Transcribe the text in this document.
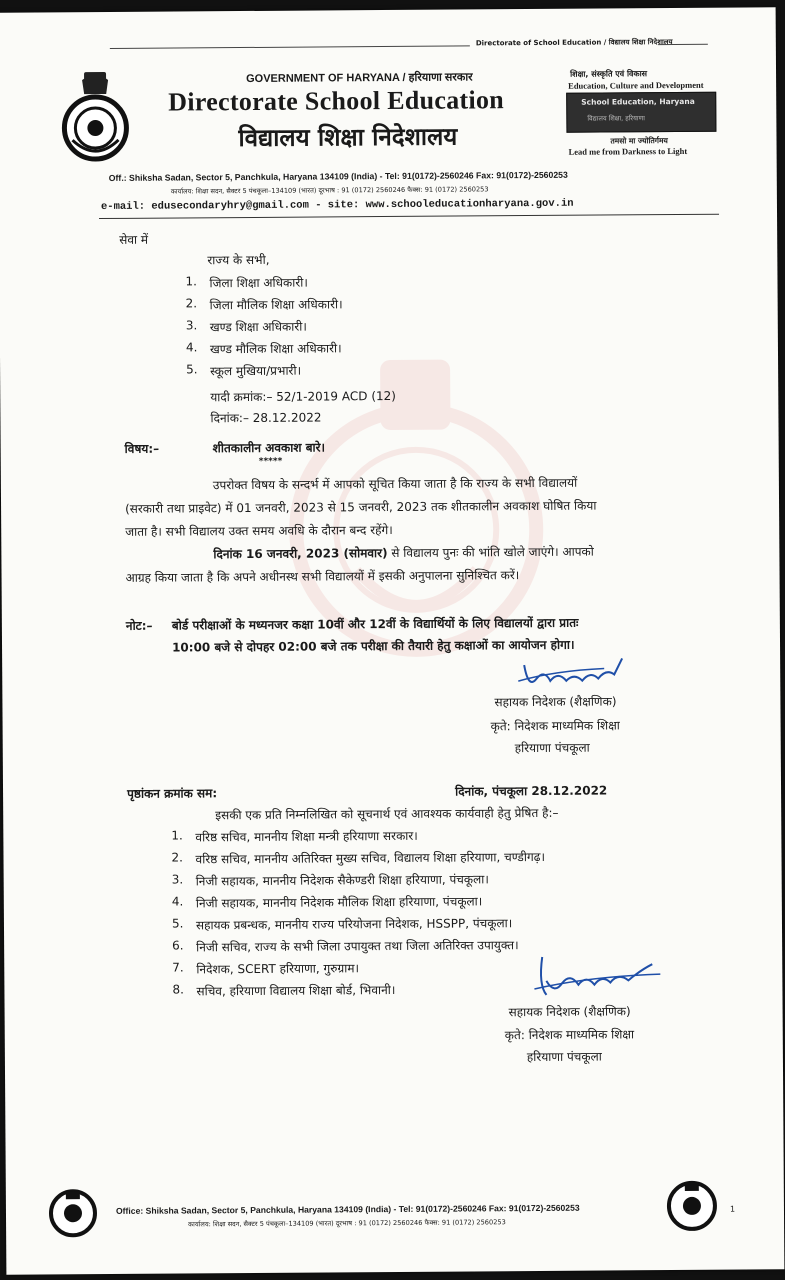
Directorate of School Education / विद्यालय शिक्षा निदेशालय
GOVERNMENT OF HARYANA / हरियाणा सरकार
Directorate School Education
विद्यालय शिक्षा निदेशालय
शिक्षा, संस्कृति एवं विकास
Education, Culture and Development
School Education, Haryana
विद्यालय शिक्षा, हरियाणा
तमसो मा ज्योतिर्गमय
Lead me from Darkness to Light
Off.: Shiksha Sadan, Sector 5, Panchkula, Haryana 134109 (India) - Tel: 91(0172)-2560246 Fax: 91(0172)-2560253
कार्यालय: शिक्षा सदन, सैक्टर 5 पंचकूला–134109 (भारत) दूरभाष : 91 (0172) 2560246 फैक्स: 91 (0172) 2560253
e-mail: edusecondaryhry@gmail.com - site: www.schooleducationharyana.gov.in
सेवा में
राज्य के सभी,
1. जिला शिक्षा अधिकारी।
2. जिला मौलिक शिक्षा अधिकारी।
3. खण्ड शिक्षा अधिकारी।
4. खण्ड मौलिक शिक्षा अधिकारी।
5. स्कूल मुखिया/प्रभारी।
यादी क्रमांक:– 52/1-2019 ACD (12)
दिनांक:– 28.12.2022
विषय:–	शीतकालीन अवकाश बारे।
*****
उपरोक्त विषय के सन्दर्भ में आपको सूचित किया जाता है कि राज्य के सभी विद्यालयों
(सरकारी तथा प्राइवेट) में 01 जनवरी, 2023 से 15 जनवरी, 2023 तक शीतकालीन अवकाश घोषित किया
जाता है। सभी विद्यालय उक्त समय अवधि के दौरान बन्द रहेंगे।
दिनांक 16 जनवरी, 2023 (सोमवार) से विद्यालय पुनः की भांति खोले जाएंगे। आपको
आग्रह किया जाता है कि अपने अधीनस्थ सभी विद्यालयों में इसकी अनुपालना सुनिश्चित करें।
नोट:– बोर्ड परीक्षाओं के मध्यनजर कक्षा 10वीं और 12वीं के विद्यार्थियों के लिए विद्यालयों द्वारा प्रातः
10:00 बजे से दोपहर 02:00 बजे तक परीक्षा की तैयारी हेतु कक्षाओं का आयोजन होगा।
सहायक निदेशक (शैक्षणिक)
कृते: निदेशक माध्यमिक शिक्षा
हरियाणा पंचकूला
पृष्ठांकन क्रमांक सम:	दिनांक, पंचकूला 28.12.2022
इसकी एक प्रति निम्नलिखित को सूचनार्थ एवं आवश्यक कार्यवाही हेतु प्रेषित है:–
1. वरिष्ठ सचिव, माननीय शिक्षा मन्त्री हरियाणा सरकार।
2. वरिष्ठ सचिव, माननीय अतिरिक्त मुख्य सचिव, विद्यालय शिक्षा हरियाणा, चण्डीगढ़।
3. निजी सहायक, माननीय निदेशक सैकेण्डरी शिक्षा हरियाणा, पंचकूला।
4. निजी सहायक, माननीय निदेशक मौलिक शिक्षा हरियाणा, पंचकूला।
5. सहायक प्रबन्धक, माननीय राज्य परियोजना निदेशक, HSSPP, पंचकूला।
6. निजी सचिव, राज्य के सभी जिला उपायुक्त तथा जिला अतिरिक्त उपायुक्त।
7. निदेशक, SCERT हरियाणा, गुरुग्राम।
8. सचिव, हरियाणा विद्यालय शिक्षा बोर्ड, भिवानी।
सहायक निदेशक (शैक्षणिक)
कृते: निदेशक माध्यमिक शिक्षा
हरियाणा पंचकूला
Office: Shiksha Sadan, Sector 5, Panchkula, Haryana 134109 (India) - Tel: 91(0172)-2560246 Fax: 91(0172)-2560253
कार्यालय: शिक्षा सदन, सैक्टर 5 पंचकूला–134109 (भारत) दूरभाष : 91 (0172) 2560246 फैक्स: 91 (0172) 2560253
1
